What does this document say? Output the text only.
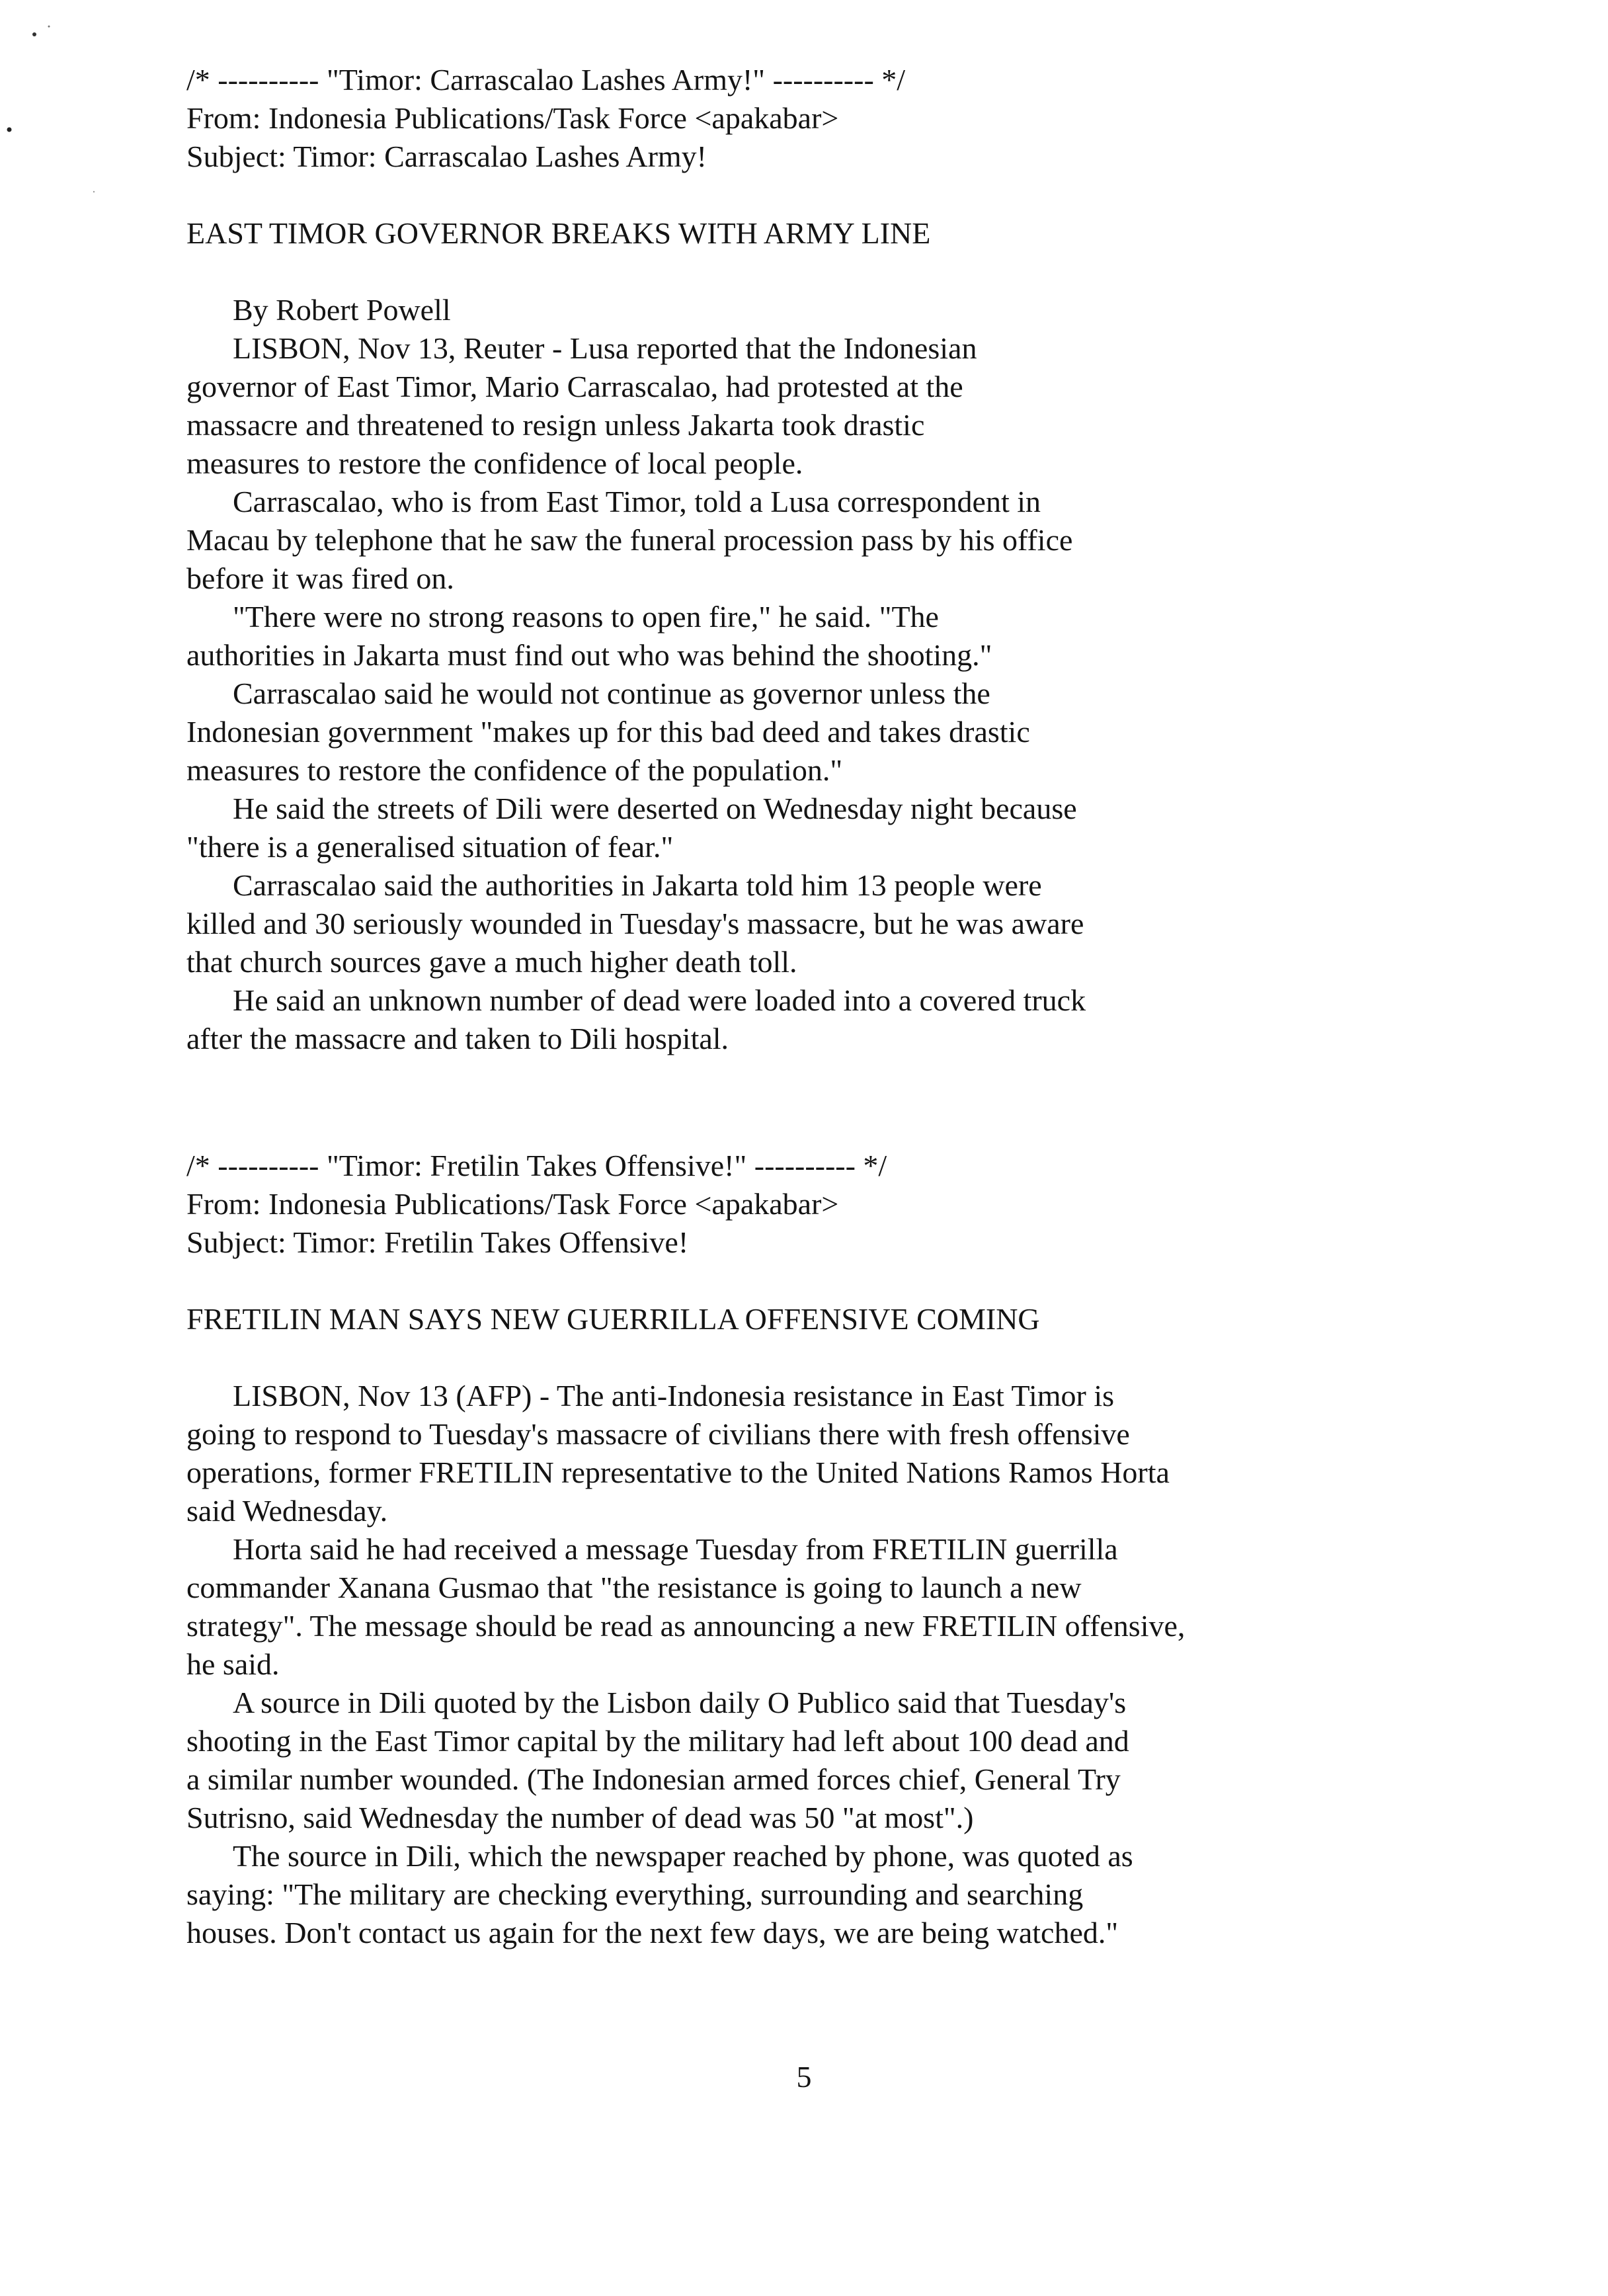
/* ---------- "Timor: Carrascalao Lashes Army!" ---------- */

From: Indonesia Publications/Task Force <apakabar>

Subject: Timor: Carrascalao Lashes Army!

EAST TIMOR GOVERNOR BREAKS WITH ARMY LINE

By Robert Powell

LISBON, Nov 13, Reuter - Lusa reported that the Indonesian
governor of East Timor, Mario Carrascalao, had protested at the
massacre and threatened to resign unless Jakarta took drastic
measures to restore the confidence of local people.

Carrascalao, who is from East Timor, told a Lusa correspondent in
Macau by telephone that he saw the funeral procession pass by his office
before it was fired on.

"There were no strong reasons to open fire," he said. "The
authorities in Jakarta must find out who was behind the shooting."

Carrascalao said he would not continue as governor unless the
Indonesian government "makes up for this bad deed and takes drastic
measures to restore the confidence of the population."

He said the streets of Dili were deserted on Wednesday night because
"there is a generalised situation of fear."

Carrascalao said the authorities in Jakarta told him 13 people were
killed and 30 seriously wounded in Tuesday's massacre, but he was aware
that church sources gave a much higher death toll.

He said an unknown number of dead were loaded into a covered truck
after the massacre and taken to Dili hospital.

/* ---------- "Timor: Fretilin Takes Offensive!" ---------- */

From: Indonesia Publications/Task Force <apakabar>

Subject: Timor: Fretilin Takes Offensive!

FRETILIN MAN SAYS NEW GUERRILLA OFFENSIVE COMING

LISBON, Nov 13 (AFP) - The anti-Indonesia resistance in East Timor is
going to respond to Tuesday's massacre of civilians there with fresh offensive
operations, former FRETILIN representative to the United Nations Ramos Horta
said Wednesday.

Horta said he had received a message Tuesday from FRETILIN guerrilla
commander Xanana Gusmao that "the resistance is going to launch a new
strategy". The message should be read as announcing a new FRETILIN offensive,
he said.

A source in Dili quoted by the Lisbon daily O Publico said that Tuesday's
shooting in the East Timor capital by the military had left about 100 dead and
a similar number wounded. (The Indonesian armed forces chief, General Try
Sutrisno, said Wednesday the number of dead was 50 "at most".)

The source in Dili, which the newspaper reached by phone, was quoted as
saying: "The military are checking everything, surrounding and searching
houses. Don't contact us again for the next few days, we are being watched."

5
